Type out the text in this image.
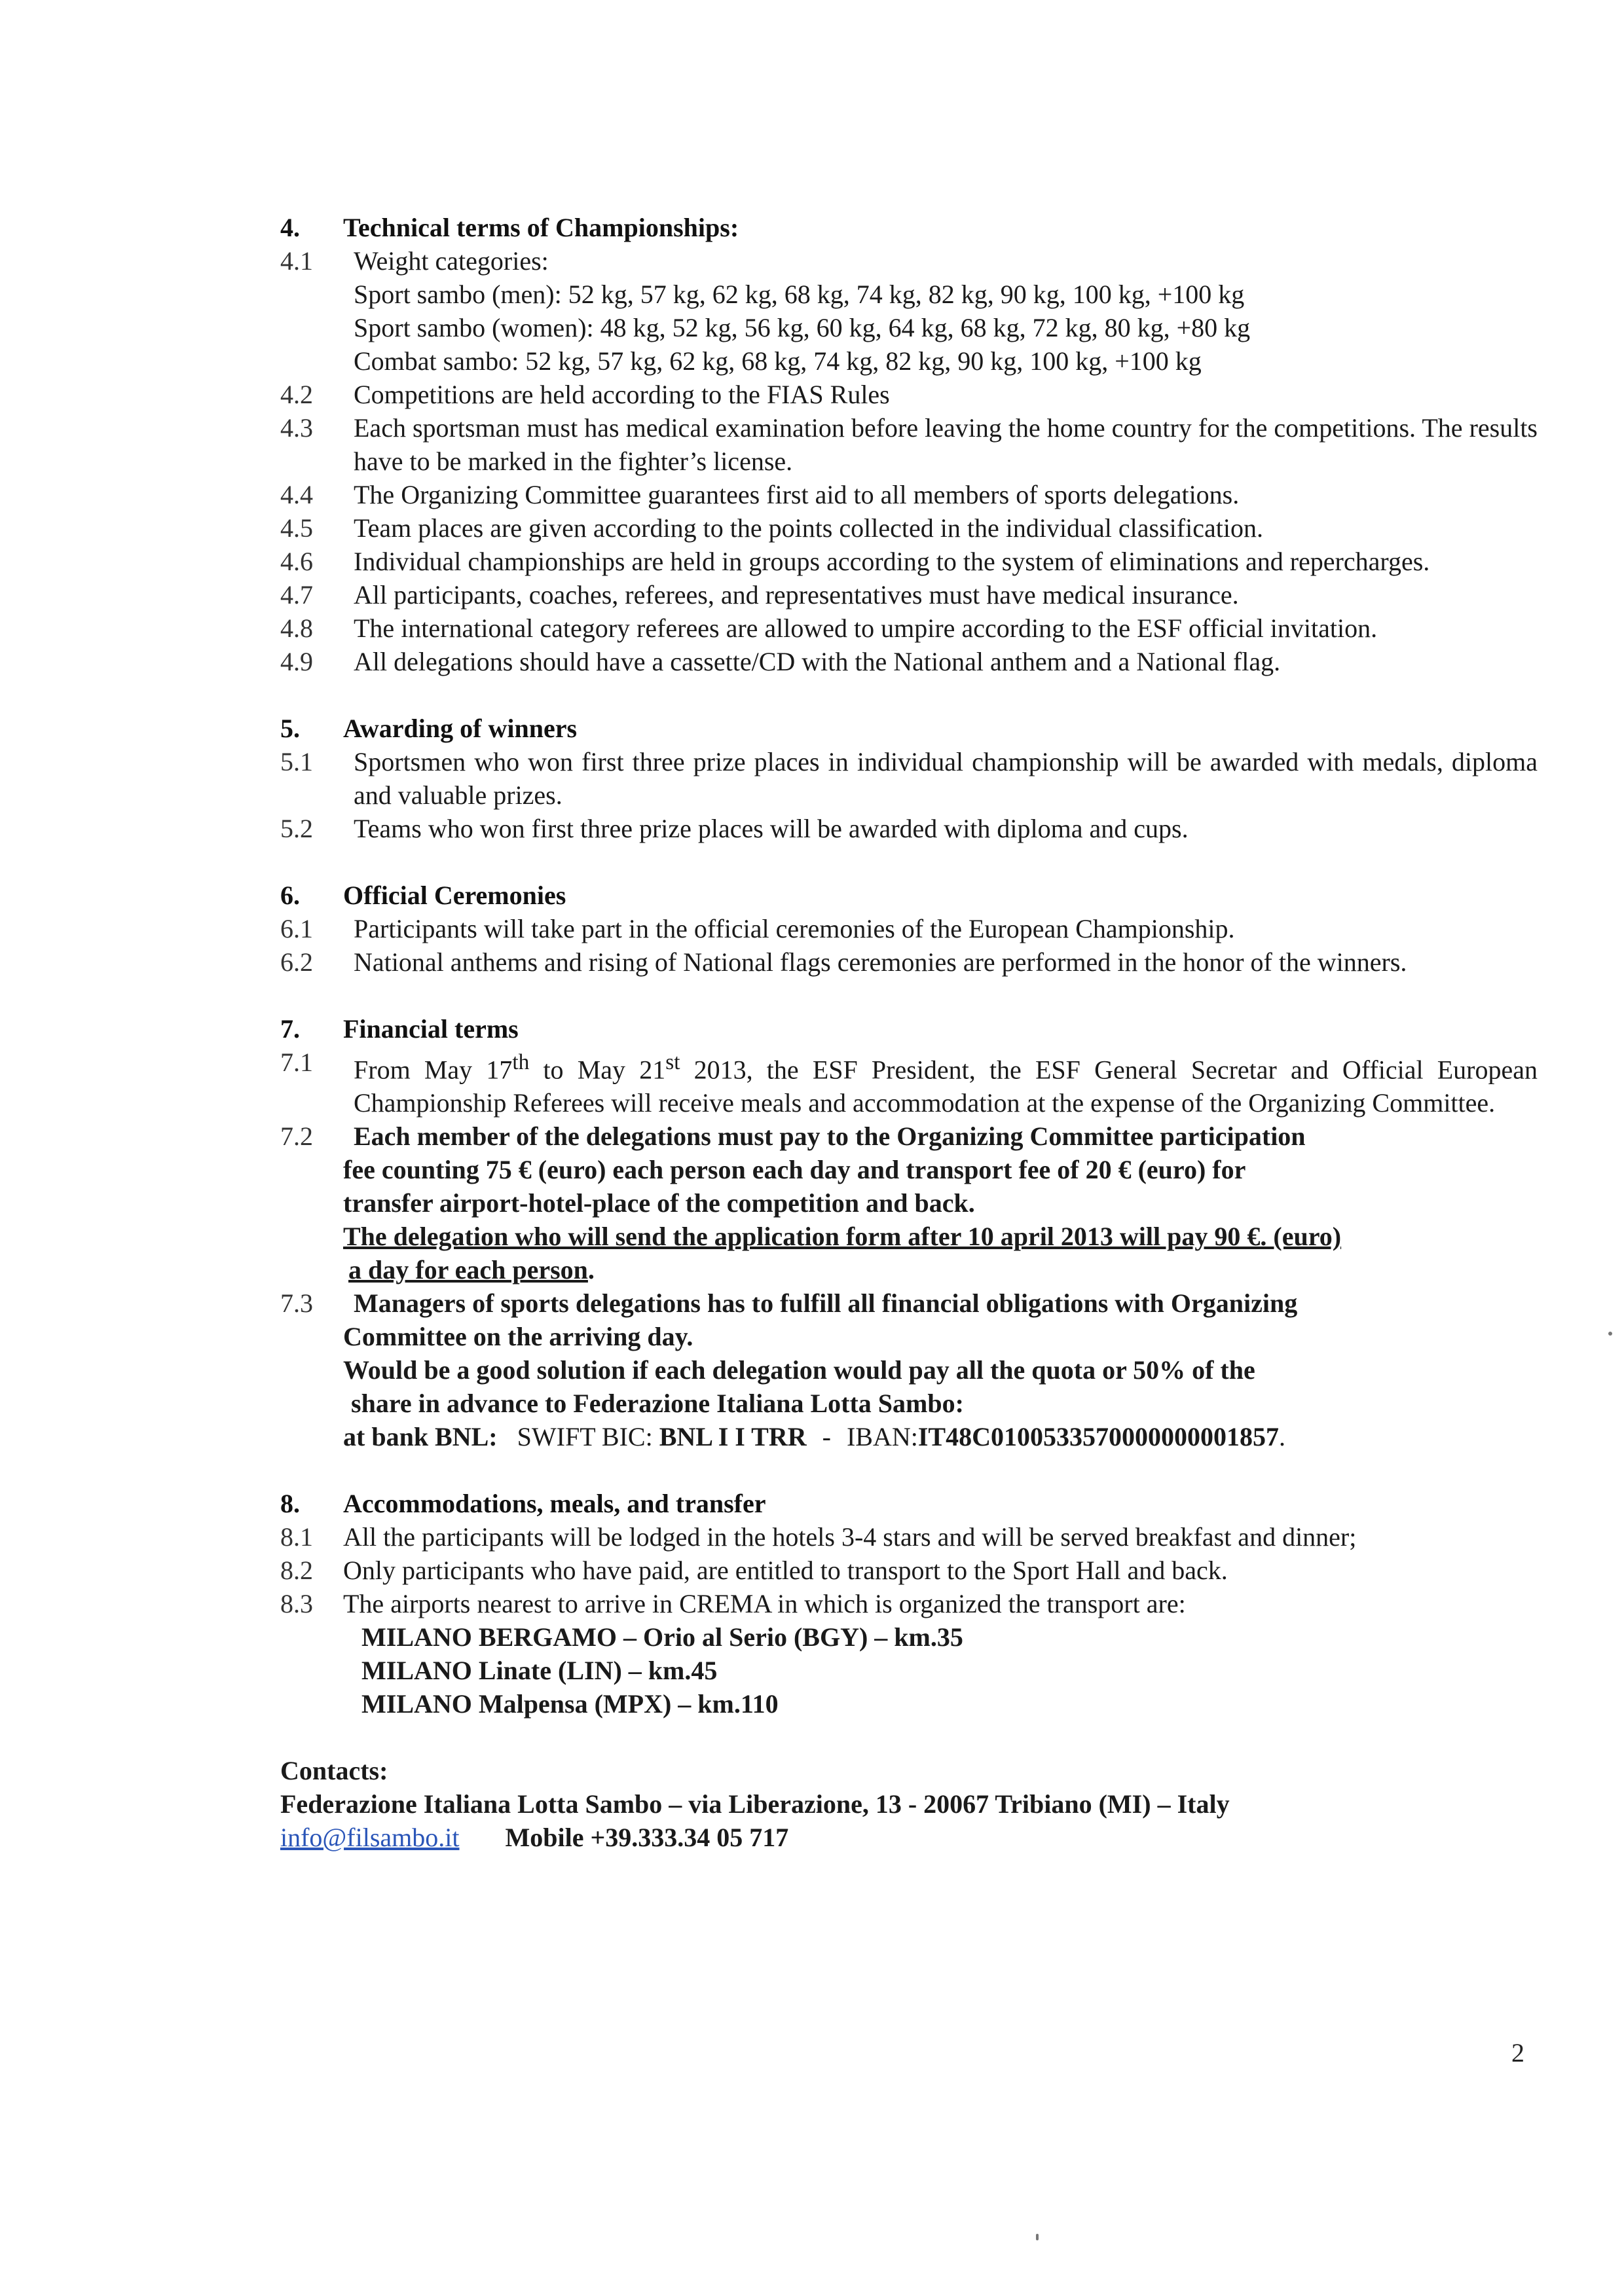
4.	Technical terms of Championships:
4.1	Weight categories:
Sport sambo (men): 52 kg, 57 kg, 62 kg, 68 kg, 74 kg, 82 kg, 90 kg, 100 kg, +100 kg
Sport sambo (women): 48 kg, 52 kg, 56 kg, 60 kg, 64 kg, 68 kg, 72 kg, 80 kg, +80 kg
Combat sambo: 52 kg, 57 kg, 62 kg, 68 kg, 74 kg, 82 kg, 90 kg, 100 kg, +100 kg
4.2	Competitions are held according to the FIAS Rules
4.3	Each sportsman must has medical examination before leaving the home country for the competitions. The results have to be marked in the fighter’s license.
4.4	The Organizing Committee guarantees first aid to all members of sports delegations.
4.5	Team places are given according to the points collected in the individual classification.
4.6	Individual championships are held in groups according to the system of eliminations and repercharges.
4.7	All participants, coaches, referees, and representatives must have medical insurance.
4.8	The international category referees are allowed to umpire according to the ESF official invitation.
4.9	All delegations should have a cassette/CD with the National anthem and a National flag.
5.	Awarding of winners
5.1	Sportsmen who won first three prize places in individual championship will be awarded with medals, diploma and valuable prizes.
5.2	Teams who won first three prize places will be awarded with diploma and cups.
6.	Official Ceremonies
6.1	Participants will take part in the official ceremonies of the European Championship.
6.2	National anthems and rising of National flags ceremonies are performed in the honor of the winners.
7.	Financial terms
7.1	From May 17th to May 21st 2013, the ESF President, the ESF General Secretar and Official European Championship Referees will receive meals and accommodation at the expense of the Organizing Committee.
7.2	Each member of the delegations must pay to the Organizing Committee participation
fee counting 75 € (euro) each person each day and transport fee of 20 € (euro) for
transfer airport-hotel-place of the competition and back.
The delegation who will send the application form after 10 april 2013 will pay 90 €. (euro)
a day for each person.
7.3	Managers of sports delegations has to fulfill all financial obligations with Organizing
Committee on the arriving day.
Would be a good solution if each delegation would pay all the quota or 50% of the
share in advance to Federazione Italiana Lotta Sambo:
at bank BNL: SWIFT BIC: BNL I I TRR - IBAN:IT48C0100533570000000001857.
8.	Accommodations, meals, and transfer
8.1	All the participants will be lodged in the hotels 3-4 stars and will be served breakfast and dinner;
8.2	Only participants who have paid, are entitled to transport to the Sport Hall and back.
8.3	The airports nearest to arrive in CREMA in which is organized the transport are:
MILANO BERGAMO – Orio al Serio (BGY) – km.35
MILANO Linate (LIN) – km.45
MILANO Malpensa (MPX) – km.110
Contacts:
Federazione Italiana Lotta Sambo – via Liberazione, 13 - 20067 Tribiano (MI) – Italy
info@filsambo.it Mobile +39.333.34 05 717
2
